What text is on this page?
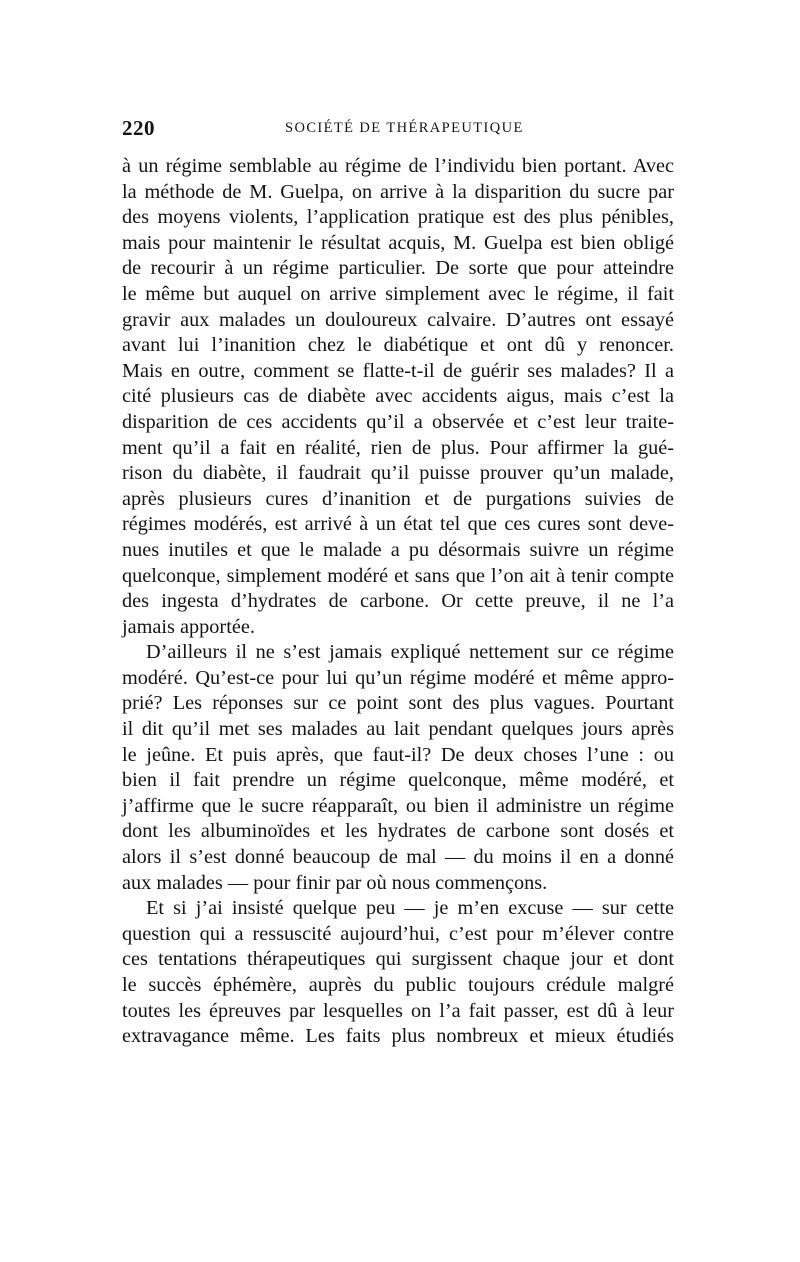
220	SOCIÉTÉ DE THÉRAPEUTIQUE
à un régime semblable au régime de l’individu bien portant. Avec
la méthode de M. Guelpa, on arrive à la disparition du sucre par
des moyens violents, l’application pratique est des plus pénibles,
mais pour maintenir le résultat acquis, M. Guelpa est bien obligé
de recourir à un régime particulier. De sorte que pour atteindre
le même but auquel on arrive simplement avec le régime, il fait
gravir aux malades un douloureux calvaire. D’autres ont essayé
avant lui l’inanition chez le diabétique et ont dû y renoncer.
Mais en outre, comment se flatte-t-il de guérir ses malades? Il a
cité plusieurs cas de diabète avec accidents aigus, mais c’est la
disparition de ces accidents qu’il a observée et c’est leur traite-
ment qu’il a fait en réalité, rien de plus. Pour affirmer la gué-
rison du diabète, il faudrait qu’il puisse prouver qu’un malade,
après plusieurs cures d’inanition et de purgations suivies de
régimes modérés, est arrivé à un état tel que ces cures sont deve-
nues inutiles et que le malade a pu désormais suivre un régime
quelconque, simplement modéré et sans que l’on ait à tenir compte
des ingesta d’hydrates de carbone. Or cette preuve, il ne l’a
jamais apportée.
D’ailleurs il ne s’est jamais expliqué nettement sur ce régime
modéré. Qu’est-ce pour lui qu’un régime modéré et même appro-
prié? Les réponses sur ce point sont des plus vagues. Pourtant
il dit qu’il met ses malades au lait pendant quelques jours après
le jeûne. Et puis après, que faut-il? De deux choses l’une : ou
bien il fait prendre un régime quelconque, même modéré, et
j’affirme que le sucre réapparaît, ou bien il administre un régime
dont les albuminoïdes et les hydrates de carbone sont dosés et
alors il s’est donné beaucoup de mal — du moins il en a donné
aux malades — pour finir par où nous commençons.
Et si j’ai insisté quelque peu — je m’en excuse — sur cette
question qui a ressuscité aujourd’hui, c’est pour m’élever contre
ces tentations thérapeutiques qui surgissent chaque jour et dont
le succès éphémère, auprès du public toujours crédule malgré
toutes les épreuves par lesquelles on l’a fait passer, est dû à leur
extravagance même. Les faits plus nombreux et mieux étudiés
